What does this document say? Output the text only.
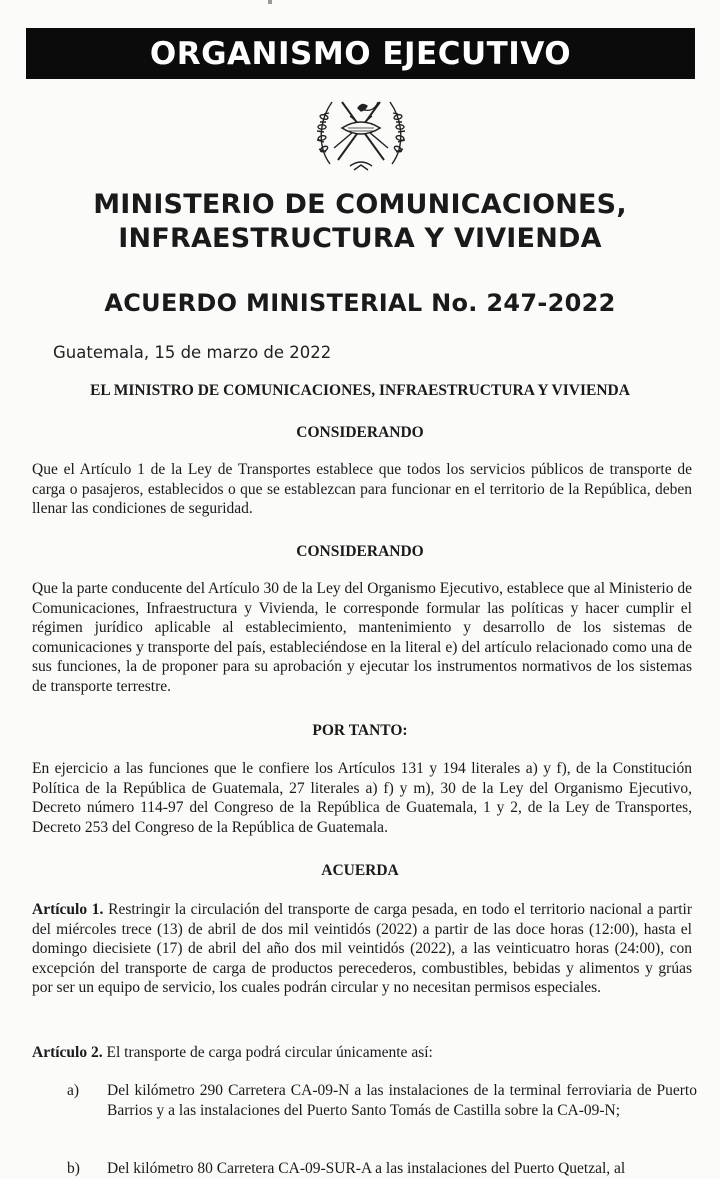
ORGANISMO EJECUTIVO
MINISTERIO DE COMUNICACIONES,
INFRAESTRUCTURA Y VIVIENDA
ACUERDO MINISTERIAL No. 247-2022
Guatemala, 15 de marzo de 2022
EL MINISTRO DE COMUNICACIONES, INFRAESTRUCTURA Y VIVIENDA
CONSIDERANDO
Que el Artículo 1 de la Ley de Transportes establece que todos los servicios públicos de transporte de carga o pasajeros, establecidos o que se establezcan para funcionar en el territorio de la República, deben llenar las condiciones de seguridad.
CONSIDERANDO
Que la parte conducente del Artículo 30 de la Ley del Organismo Ejecutivo, establece que al Ministerio de Comunicaciones, Infraestructura y Vivienda, le corresponde formular las políticas y hacer cumplir el régimen jurídico aplicable al establecimiento, mantenimiento y desarrollo de los sistemas de comunicaciones y transporte del país, estableciéndose en la literal e) del artículo relacionado como una de sus funciones, la de proponer para su aprobación y ejecutar los instrumentos normativos de los sistemas de transporte terrestre.
POR TANTO:
En ejercicio a las funciones que le confiere los Artículos 131 y 194 literales a) y f), de la Constitución Política de la República de Guatemala, 27 literales a) f) y m), 30 de la Ley del Organismo Ejecutivo, Decreto número 114-97 del Congreso de la República de Guatemala, 1 y 2, de la Ley de Transportes, Decreto 253 del Congreso de la República de Guatemala.
ACUERDA
Artículo 1. Restringir la circulación del transporte de carga pesada, en todo el territorio nacional a partir del miércoles trece (13) de abril de dos mil veintidós (2022) a partir de las doce horas (12:00), hasta el domingo diecisiete (17) de abril del año dos mil veintidós (2022), a las veinticuatro horas (24:00), con excepción del transporte de carga de productos perecederos, combustibles, bebidas y alimentos y grúas por ser un equipo de servicio, los cuales podrán circular y no necesitan permisos especiales.
Artículo 2. El transporte de carga podrá circular únicamente así:
a) Del kilómetro 290 Carretera CA-09-N a las instalaciones de la terminal ferroviaria de Puerto Barrios y a las instalaciones del Puerto Santo Tomás de Castilla sobre la CA-09-N;
b) Del kilómetro 80 Carretera CA-09-SUR-A a las instalaciones del Puerto Quetzal, al
